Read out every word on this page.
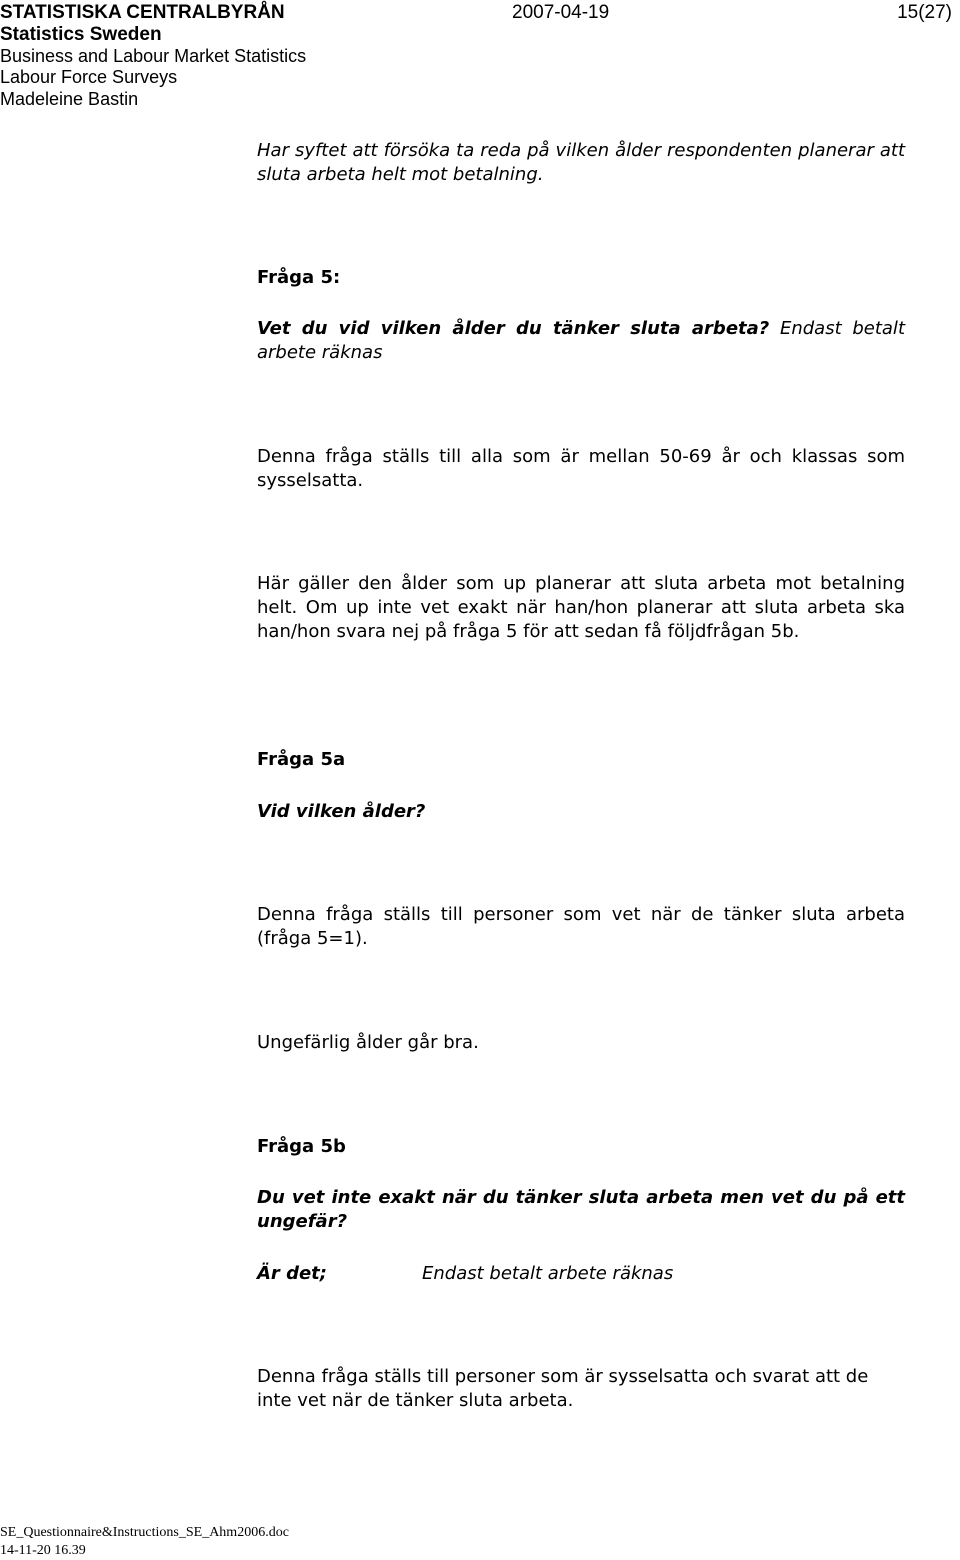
STATISTISKA CENTRALBYRÅN	2007-04-19	15(27)
Statistics Sweden
Business and Labour Market Statistics
Labour Force Surveys
Madeleine Bastin
Har syftet att försöka ta reda på vilken ålder respondenten planerar att sluta arbeta helt mot betalning.
Fråga 5:
Vet du vid vilken ålder du tänker sluta arbeta? Endast betalt arbete räknas
Denna fråga ställs till alla som är mellan 50-69 år och klassas som sysselsatta.
Här gäller den ålder som up planerar att sluta arbeta mot betalning helt. Om up inte vet exakt när han/hon planerar att sluta arbeta ska han/hon svara nej på fråga 5 för att sedan få följdfrågan 5b.
Fråga 5a
Vid vilken ålder?
Denna fråga ställs till personer som vet när de tänker sluta arbeta (fråga 5=1).
Ungefärlig ålder går bra.
Fråga 5b
Du vet inte exakt när du tänker sluta arbeta men vet du på ett ungefär?
Är det;	Endast betalt arbete räknas
Denna fråga ställs till personer som är sysselsatta och svarat att de inte vet när de tänker sluta arbeta.
SE_Questionnaire&Instructions_SE_Ahm2006.doc
14-11-20 16.39
